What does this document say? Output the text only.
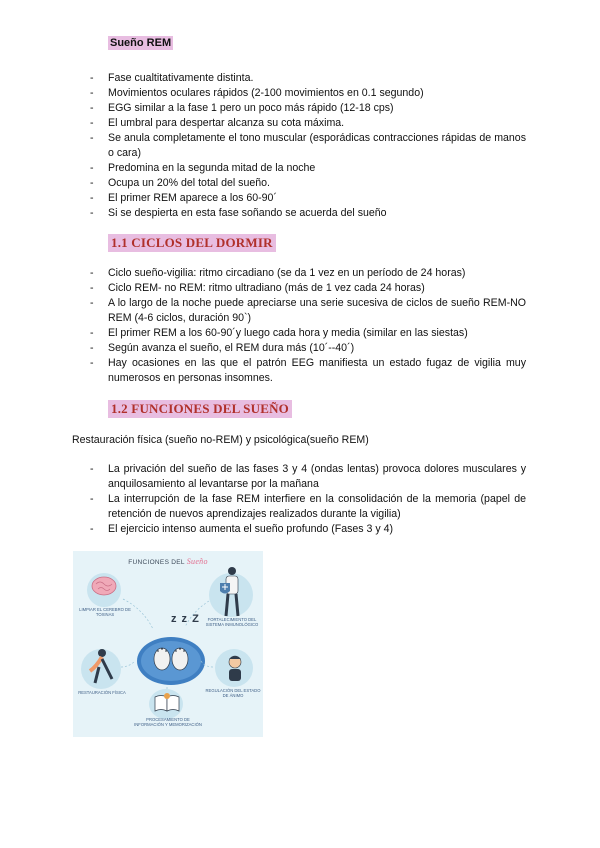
Sueño REM
- Fase cualtitativamente distinta.
- Movimientos oculares rápidos (2-100 movimientos en 0.1 segundo)
- EGG similar a la fase 1 pero un poco más rápido (12-18 cps)
- El umbral para despertar alcanza su cota máxima.
- Se anula completamente el tono muscular (esporádicas contracciones rápidas de manos o cara)
- Predomina en la segunda mitad de la noche
- Ocupa un 20% del total del sueño.
- El primer REM aparece a los 60-90´
- Si se despierta en esta fase soñando se acuerda del sueño
1.1 CICLOS DEL DORMIR
- Ciclo sueño-vigilia: ritmo circadiano (se da 1 vez en un período de 24 horas)
- Ciclo REM- no REM: ritmo ultradiano (más de 1 vez cada 24 horas)
- A lo largo de la noche puede apreciarse una serie sucesiva de ciclos de sueño REM-NO REM (4-6 ciclos, duración 90`)
- El primer REM a los 60-90´y luego cada hora y media (similar en las siestas)
- Según avanza el sueño, el REM dura más (10´--40´)
- Hay ocasiones en las que el patrón EEG manifiesta un estado fugaz de vigilia muy numerosos en personas insomnes.
1.2 FUNCIONES DEL SUEÑO
Restauración física (sueño no-REM) y psicológica(sueño REM)
- La privación del sueño de las fases 3 y 4 (ondas lentas) provoca dolores musculares y anquilosamiento al levantarse por la mañana
- La interrupción de la fase REM interfiere en la consolidación de la memoria (papel de retención de nuevos aprendizajes realizados durante la vigilia)
- El ejercicio intenso aumenta el sueño profundo (Fases 3 y 4)
FUNCIONES DEL Sueño
LIMPIAR EL CEREBRO DE TOXINAS
FORTALECIMIENTO DEL SISTEMA INMUNOLÓGICO
z z Z
RESTAURACIÓN FÍSICA	REGULACIÓN DEL ESTADO DE ÁNIMO
PROCESAMIENTO DE INFORMACIÓN Y MEMORIZACIÓN
